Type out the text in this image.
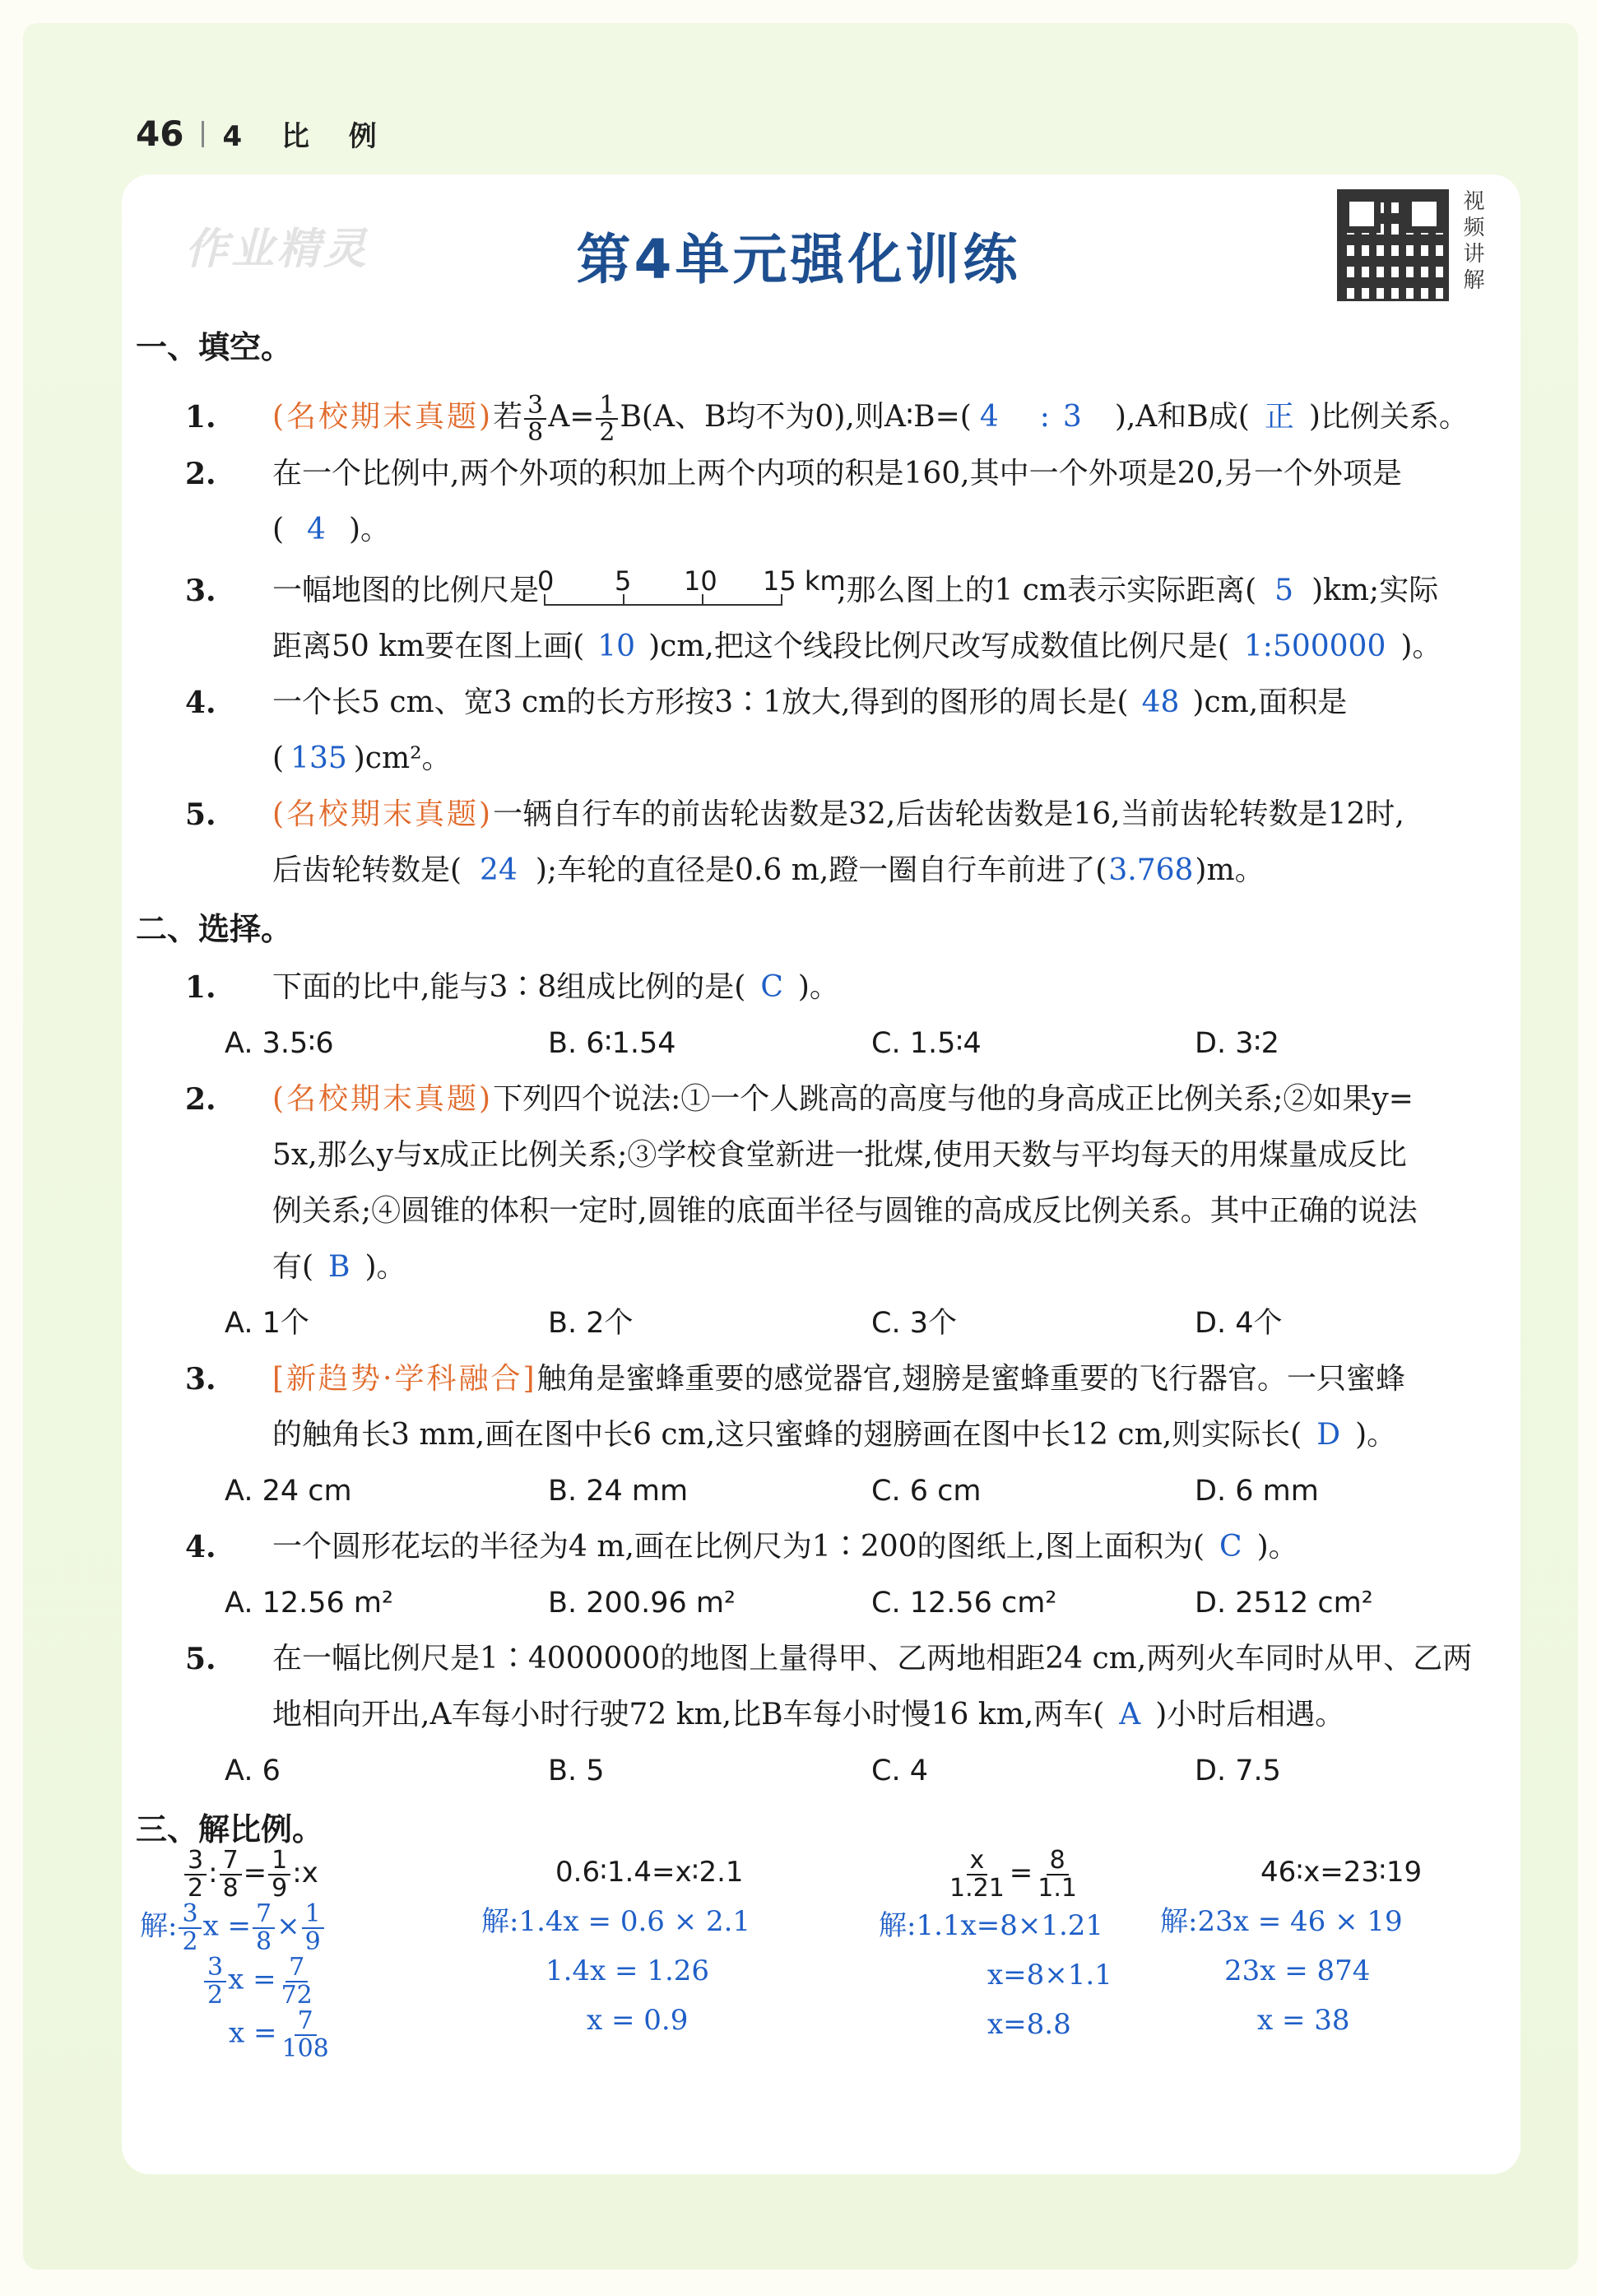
46 4 比 例
作业精灵	第4单元强化训练	视频讲解
一、填空。
1. (名校期末真题)若 $\frac{3}{8} A= \frac{1}{2} B(A$、B均不为0),则A∶B=( 4 : 3 ),A和B成( 正 )比例关系。
2. 在一个比例中,两个外项的积加上两个内项的积是160,其中一个外项是20,另一个外项是
( 4 )。
3. 一幅地图的比例尺是
0 5 10 15 km
,那么图上的1 cm表示实际距离( 5 )km;实际
距离50 km要在图上画( 10 )cm,把这个线段比例尺改写成数值比例尺是( 1:500000 )。
4. 一个长5 cm、宽3 cm的长方形按3∶1放大,得到的图形的周长是( 48 )cm,面积是( 135 )cm²。
5. (名校期末真题)一辆自行车的前齿轮齿数是32,后齿轮齿数是16,当前齿轮转数是12时,
后齿轮转数是( 24 );车轮的直径是0.6 m,蹬一圈自行车前进了(3.768)m。
二、选择。
1. 下面的比中,能与3∶8组成比例的是( C )。
A. 3.5∶6	B. 6∶1.54	C. 1.5∶4	D. 3∶2
2. (名校期末真题)下列四个说法:①一个人跳高的高度与他的身高成正比例关系;②如果y=
5x,那么y与x成正比例关系;③学校食堂新进一批煤,使用天数与平均每天的用煤量成反比
例关系;④圆锥的体积一定时,圆锥的底面半径与圆锥的高成反比例关系。其中正确的说法
有( B )。
A. 1个	B. 2个	C. 3个	D. 4个
3. [新趋势·学科融合]触角是蜜蜂重要的感觉器官,翅膀是蜜蜂重要的飞行器官。一只蜜蜂
的触角长3 mm,画在图中长6 cm,这只蜜蜂的翅膀画在图中长12 cm,则实际长( D )。
A. 24 cm	B. 24 mm	C. 6 cm	D. 6 mm
4. 一个圆形花坛的半径为4 m,画在比例尺为1∶200的图纸上,图上面积为( C )。
A. 12.56 m²	B. 200.96 m²	C. 12.56 cm²	D. 2512 cm²
5. 在一幅比例尺是1∶4000000的地图上量得甲、乙两地相距24 cm,两列火车同时从甲、乙两
地相向开出,A车每小时行驶72 km,比B车每小时慢16 km,两车( A )小时后相遇。
A. 6	B. 5	C. 4	D. 7.5
三、解比例。
$\frac{3}{2}$ : $\frac{7}{8} = \frac{1}{9}$ :x
解: $\frac{3}{2}$ $x = \frac{7}{8} \times \frac{1}{9}$
$\frac{3}{2}$ $x = \frac{7}{72}$
$x = \frac{7}{108}$
0.6∶1.4=x∶2.1
解:1.4x = 0.6 × 2.1
1.4x = 1.26
x = 0.9
$\frac{x}{1.21} = \frac{8}{1.1}$
解:1.1x=8×1.21
x=8×1.1
x=8.8
46∶x=23∶19
解:23x = 46 × 19
23x = 874
x = 38
